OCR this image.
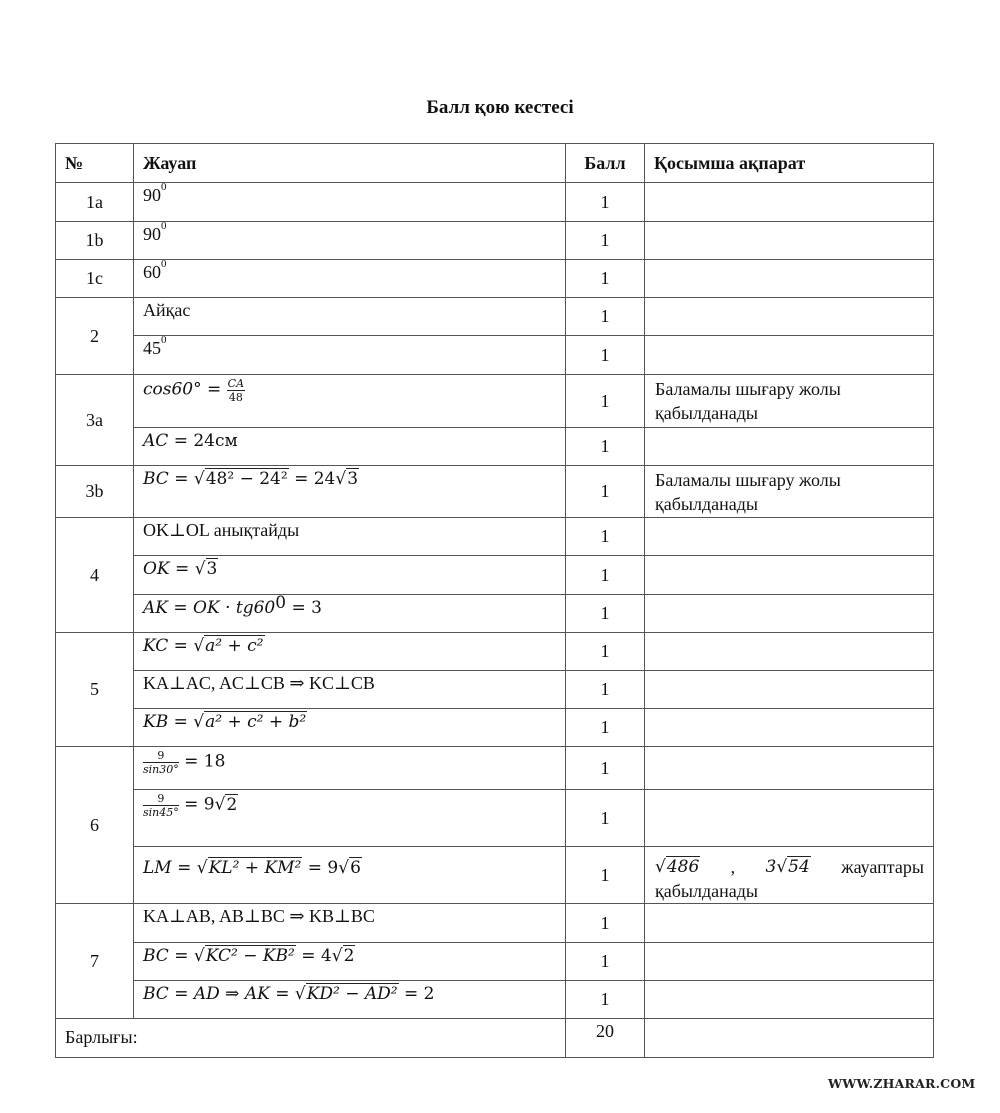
Балл қою кестесі
№	Жауап	Балл	Қосымша ақпарат
1a	$90^0$	1	
1b	$90^0$	1	
1c	$60^0$	1	
2	Айқас	1	
	$45^0$	1	
3a	$\cos 60^\circ = \frac{CA}{48}$	1	Баламалы шығару жолы қабылданады
	AC = 24см	1	
3b	BC = √48² − 24² = 24√3	1	Баламалы шығару жолы қабылданады
4	OK⊥OL анықтайды	1	
	OK = √3	1	
	AK = OK · $tg60^0 = 3$	1	
5	KC = √a² + c²	1	
	KA⊥AC, AC⊥CB ⇒ KC⊥CB	1	
	KB = √a² + c² + b²	1	
6	$\frac{9}{\sin 30^\circ} = 18$	1	

	$\frac{9}{\sin 45^\circ} = 9√2$	1	
	LM = √KL² + KM² = 9√6	1	√486 , 3√54 жауаптары
қабылданады

7	KA⊥AB, AB⊥BC ⇒ KB⊥BC	1	
	BC = √KC² − KB² = 4√2	1	
	BC = AD ⇒ AK = √KD² − AD² = 2	1	
Барлығы:		20	
WWW.ZHARAR.COM
